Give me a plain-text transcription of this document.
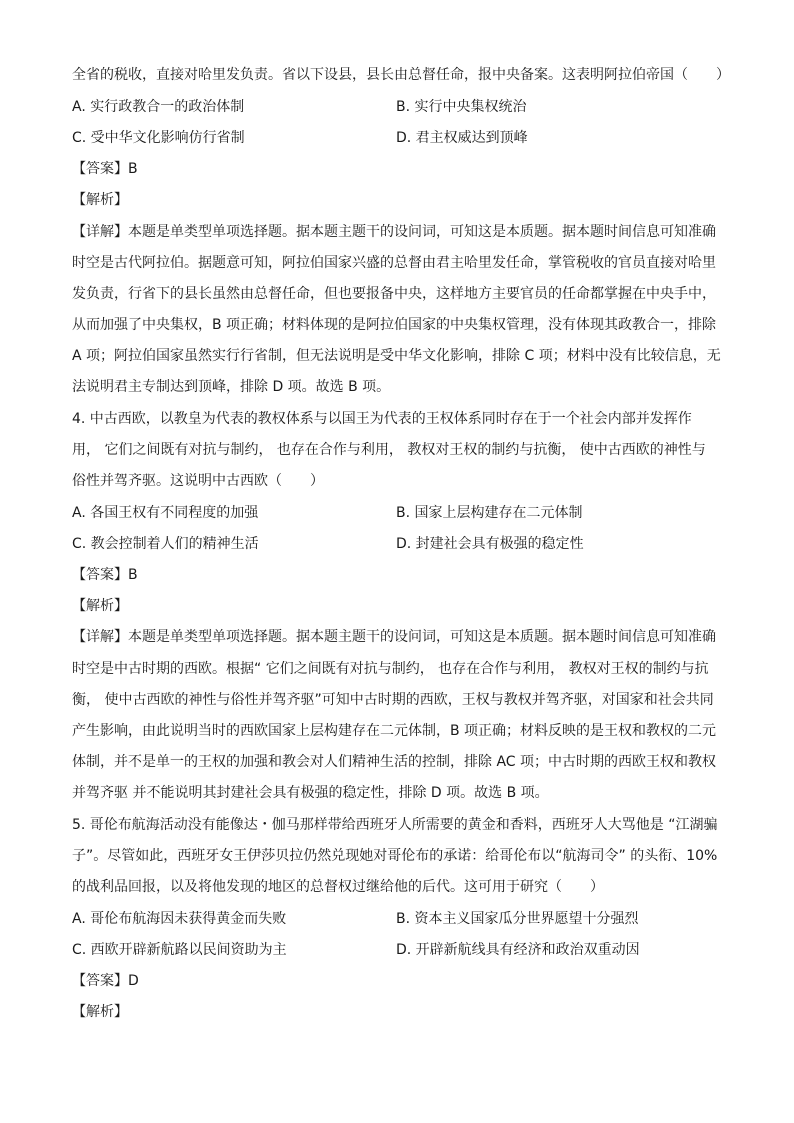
全省的税收，直接对哈里发负责。省以下设县，县长由总督任命，报中央备案。这表明阿拉伯帝国（　　）
A. 实行政教合一的政治体制	B. 实行中央集权统治
C. 受中华文化影响仿行省制	D. 君主权威达到顶峰
【答案】B
【解析】
【详解】本题是单类型单项选择题。据本题主题干的设问词，可知这是本质题。据本题时间信息可知准确
时空是古代阿拉伯。据题意可知，阿拉伯国家兴盛的总督由君主哈里发任命，掌管税收的官员直接对哈里
发负责，行省下的县长虽然由总督任命，但也要报备中央，这样地方主要官员的任命都掌握在中央手中，
从而加强了中央集权，B 项正确；材料体现的是阿拉伯国家的中央集权管理，没有体现其政教合一，排除
A 项；阿拉伯国家虽然实行行省制，但无法说明是受中华文化影响，排除 C 项；材料中没有比较信息，无
法说明君主专制达到顶峰，排除 D 项。故选 B 项。
4. 中古西欧，以教皇为代表的教权体系与以国王为代表的王权体系同时存在于一个社会内部并发挥作
用， 它们之间既有对抗与制约， 也存在合作与利用， 教权对王权的制约与抗衡， 使中古西欧的神性与
俗性并驾齐驱。这说明中古西欧（　　）
A. 各国王权有不同程度的加强	B. 国家上层构建存在二元体制
C. 教会控制着人们的精神生活	D. 封建社会具有极强的稳定性
【答案】B
【解析】
【详解】本题是单类型单项选择题。据本题主题干的设问词，可知这是本质题。据本题时间信息可知准确
时空是中古时期的西欧。根据“ 它们之间既有对抗与制约， 也存在合作与利用， 教权对王权的制约与抗
衡， 使中古西欧的神性与俗性并驾齐驱”可知中古时期的西欧，王权与教权并驾齐驱，对国家和社会共同
产生影响，由此说明当时的西欧国家上层构建存在二元体制，B 项正确；材料反映的是王权和教权的二元
体制，并不是单一的王权的加强和教会对人们精神生活的控制，排除 AC 项；中古时期的西欧王权和教权
并驾齐驱 并不能说明其封建社会具有极强的稳定性，排除 D 项。故选 B 项。
5. 哥伦布航海活动没有能像达・伽马那样带给西班牙人所需要的黄金和香料，西班牙人大骂他是 “江湖骗
子”。尽管如此，西班牙女王伊莎贝拉仍然兑现她对哥伦布的承诺：给哥伦布以“航海司令” 的头衔、10%
的战利品回报，以及将他发现的地区的总督权过继给他的后代。这可用于研究（　　）
A. 哥伦布航海因未获得黄金而失败	B. 资本主义国家瓜分世界愿望十分强烈
C. 西欧开辟新航路以民间资助为主	D. 开辟新航线具有经济和政治双重动因
【答案】D
【解析】
